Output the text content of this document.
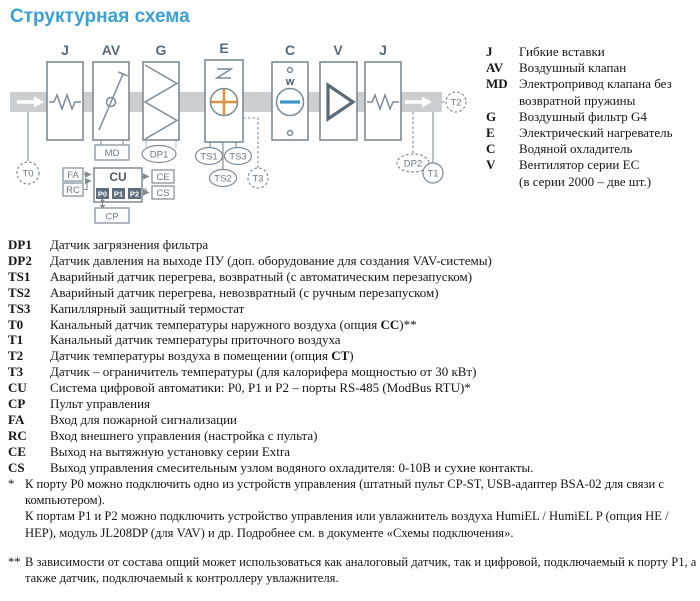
Структурная схема
J AV	G	E	C
w
V	J
T0
MD	DP1	TS1 TS3
TS2 T3
DP2
T1
T2
FA
RC
CU
P0 P1 P2
CE
CS
CP
J	Гибкие вставки
AV	Воздушный клапан
MD Электропривод клапана без
возвратной пружины
G	Воздушный фильтр G4
E	Электрический нагреватель
C	Водяной охладитель
V	Вентилятор серии EC
(в серии 2000 – две шт.)
DP1	Датчик загрязнения фильтра
DP2	Датчик давления на выходе ПУ (доп. оборудование для создания VAV-системы)
TS1	Аварийный датчик перегрева, возвратный (с автоматическим перезапуском)
TS2	Аварийный датчик перегрева, невозвратный (с ручным перезапуском)
TS3	Капиллярный защитный термостат
T0	Канальный датчик температуры наружного воздуха (опция CC)**
T1	Канальный датчик температуры приточного воздуха
T2	Датчик температуры воздуха в помещении (опция CT)
T3	Датчик – ограничитель температуры (для калорифера мощностью от 30 кВт)
CU	Система цифровой автоматики: P0, P1 и P2 – порты RS-485 (ModBus RTU)*
CP	Пульт управления
FA	Вход для пожарной сигнализации
RC	Вход внешнего управления (настройка с пульта)
CE	Выход на вытяжную установку серии Extra
CS	Выход управления смесительным узлом водяного охладителя: 0-10В и сухие контакты.
* К порту P0 можно подключить одно из устройств управления (штатный пульт CP-ST, USB-адаптер BSA-02 для связи с компьютером).

К портам P1 и P2 можно подключить устройство управления или увлажнитель воздуха HumiEL / HumiEL P (опция HE / HEP), модуль JL208DP (для VAV) и др. Подробнее см. в документе «Схемы подключения».

** В зависимости от состава опций может использоваться как аналоговый датчик, так и цифровой, подключаемый к порту P1, а также датчик, подключаемый к контроллеру увлажнителя.
